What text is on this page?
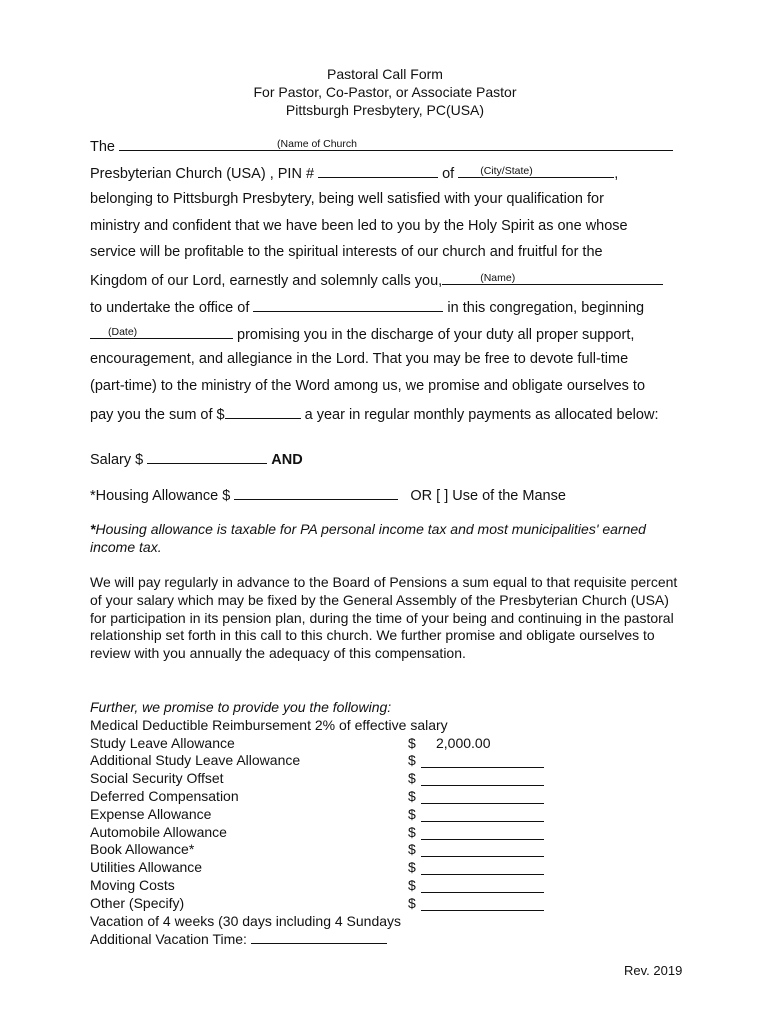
Pastoral Call Form
For Pastor, Co-Pastor, or Associate Pastor
Pittsburgh Presbytery, PC(USA)
The	(Name of Church
Presbyterian Church (USA) , PIN #	of (City/State)	,
belonging to Pittsburgh Presbytery, being well satisfied with your qualification for
ministry and confident that we have been led to you by the Holy Spirit as one whose
service will be profitable to the spiritual interests of our church and fruitful for the
Kingdom of our Lord, earnestly and solemnly calls you,	(Name)
to undertake the office of	in this congregation, beginning
(Date)	promising you in the discharge of your duty all proper support,
encouragement, and allegiance in the Lord. That you may be free to devote full-time
(part-time) to the ministry of the Word among us, we promise and obligate ourselves to
pay you the sum of $	a year in regular monthly payments as allocated below:
Salary $	AND
*Housing Allowance $	OR [ ] Use of the Manse
*Housing allowance is taxable for PA personal income tax and most municipalities' earned income tax.
We will pay regularly in advance to the Board of Pensions a sum equal to that requisite percent of your salary which may be fixed by the General Assembly of the Presbyterian Church (USA) for participation in its pension plan, during the time of your being and continuing in the pastoral relationship set forth in this call to this church. We further promise and obligate ourselves to review with you annually the adequacy of this compensation.
Further, we promise to provide you the following:
Medical Deductible Reimbursement 2% of effective salary
Study Leave Allowance	$ 2,000.00
Additional Study Leave Allowance	$
Social Security Offset	$
Deferred Compensation	$
Expense Allowance	$
Automobile Allowance	$
Book Allowance*	$
Utilities Allowance	$
Moving Costs	$
Other (Specify)	$
Vacation of 4 weeks (30 days including 4 Sundays
Additional Vacation Time:
Rev. 2019
